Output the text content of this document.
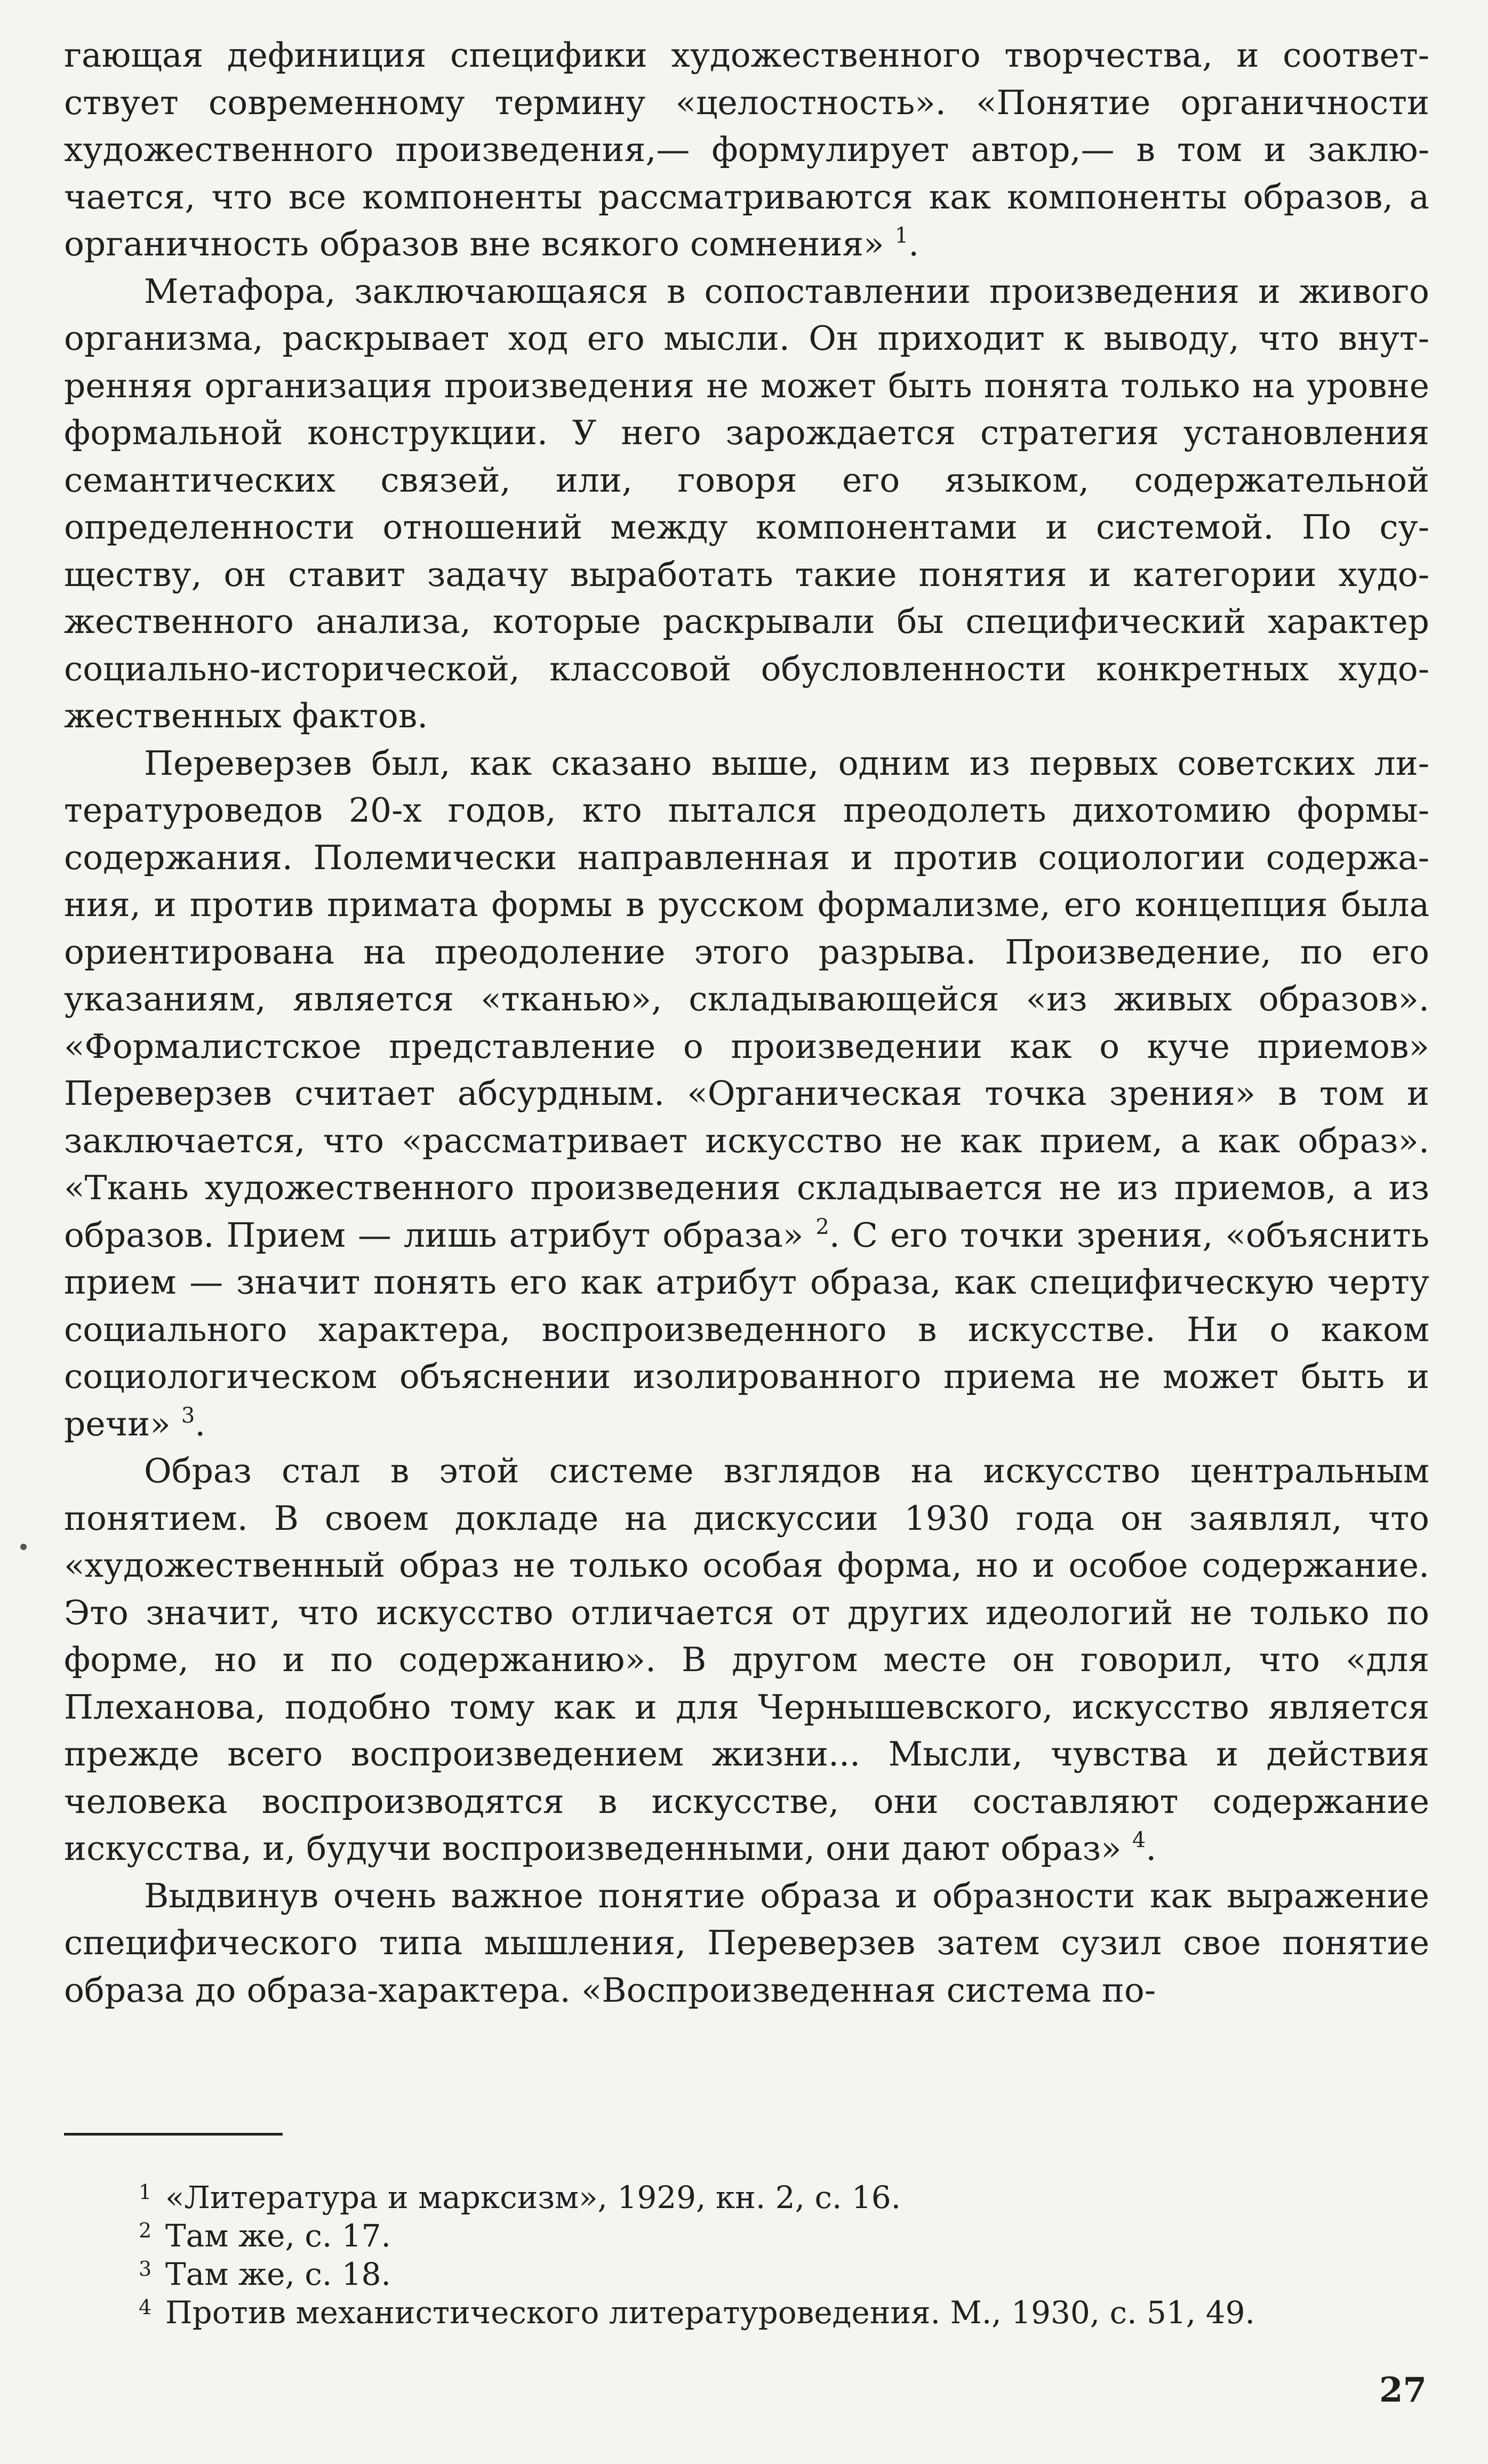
гающая дефиниция специфики художественного творчества, и соответствует современному термину «целостность». «Понятие органичности художественного произведения,— формулирует автор,— в том и заключается, что все компоненты рассматриваются как компоненты образов, а органичность образов вне всякого сомнения» $^1$.

Метафора, заключающаяся в сопоставлении произведения и живого организма, раскрывает ход его мысли. Он приходит к выводу, что внутренняя организация произведения не может быть понята только на уровне формальной конструкции. У него зарождается стратегия установления семантических связей, или, говоря его языком, содержательной определенности отношений между компонентами и системой. По существу, он ставит задачу выработать такие понятия и категории художественного анализа, которые раскрывали бы специфический характер социально-исторической, классовой обусловленности конкретных художественных фактов.

Переверзев был, как сказано выше, одним из первых советских литературоведов 20-х годов, кто пытался преодолеть дихотомию формы-содержания. Полемически направленная и против социологии содержания, и против примата формы в русском формализме, его концепция была ориентирована на преодоление этого разрыва. Произведение, по его указаниям, является «тканью», складывающейся «из живых образов». «Формалистское представление о произведении как о куче приемов» Переверзев считает абсурдным. «Органическая точка зрения» в том и заключается, что «рассматривает искусство не как прием, а как образ». «Ткань художественного произведения складывается не из приемов, а из образов. Прием — лишь атрибут образа» $^2$. С его точки зрения, «объяснить прием — значит понять его как атрибут образа, как специфическую черту социального характера, воспроизведенного в искусстве. Ни о каком социологическом объяснении изолированного приема не может быть и речи» $^3$.

Образ стал в этой системе взглядов на искусство центральным понятием. В своем докладе на дискуссии 1930 года он заявлял, что «художественный образ не только особая форма, но и особое содержание. Это значит, что искусство отличается от других идеологий не только по форме, но и по содержанию». В другом месте он говорил, что «для Плеханова, подобно тому как и для Чернышевского, искусство является прежде всего воспроизведением жизни... Мысли, чувства и действия человека воспроизводятся в искусстве, они составляют содержание искусства, и, будучи воспроизведенными, они дают образ» $^4$.

Выдвинув очень важное понятие образа и образности как выражение специфического типа мышления, Переверзев затем сузил свое понятие образа до образа-характера. «Воспроизведенная система по-

1 «Литература и марксизм», 1929, кн. 2, с. 16.
2 Там же, с. 17.
3 Там же, с. 18.
4 Против механистического литературоведения. М., 1930, с. 51, 49.
27
